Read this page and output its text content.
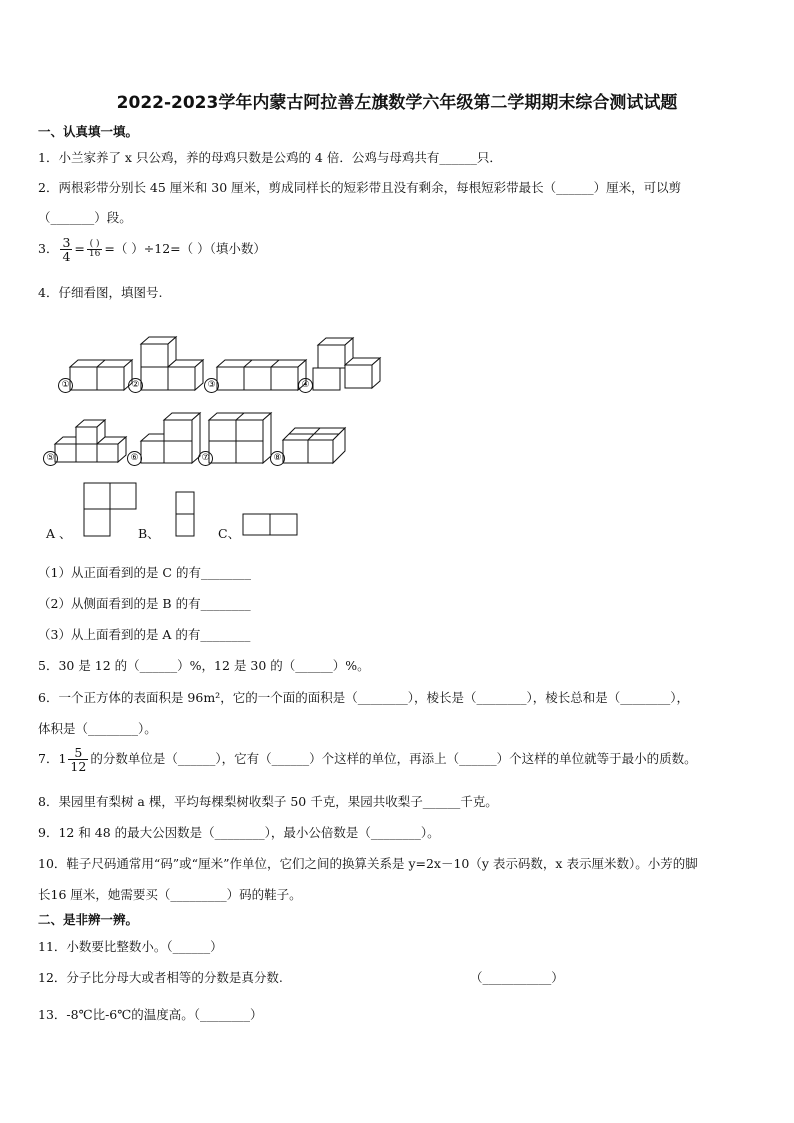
2022-2023学年内蒙古阿拉善左旗数学六年级第二学期期末综合测试试题
一、认真填一填。
1．小兰家养了 x 只公鸡，养的母鸡只数是公鸡的 4 倍．公鸡与母鸡共有______只．
2．两根彩带分别长 45 厘米和 30 厘米，剪成同样长的短彩带且没有剩余，每根短彩带最长（______）厘米，可以剪
（_______）段。
3． $\frac{3}{4} = \frac{( )}{16}$ =（ ）÷12=（ ）（填小数）
4．仔细看图，填图号.
①	②	③	④
⑤	⑥	⑦	⑧
A 、	B、	C、
（1）从正面看到的是 C 的有________
（2）从侧面看到的是 B 的有________
（3）从上面看到的是 A 的有________
5．30 是 12 的（______）%，12 是 30 的（______）%。
6．一个正方体的表面积是 96m²，它的一个面的面积是（________），棱长是（________），棱长总和是（________），
体积是（________）。
7．$1 \frac{5}{12}$ 的分数单位是（______），它有（______）个这样的单位，再添上（______）个这样的单位就等于最小的质数。
8．果园里有梨树 a 棵，平均每棵梨树收梨子 50 千克，果园共收梨子______千克。
9．12 和 48 的最大公因数是（________），最小公倍数是（________）。
10．鞋子尺码通常用“码”或“厘米”作单位，它们之间的换算关系是 y=2x－10（y 表示码数，x 表示厘米数）。小芳的脚
长16 厘米，她需要买（_________）码的鞋子。
二、是非辨一辨。
11．小数要比整数小。（______）
12．分子比分母大或者相等的分数是真分数.	（___________）
13．-8℃比-6℃的温度高。（________）
